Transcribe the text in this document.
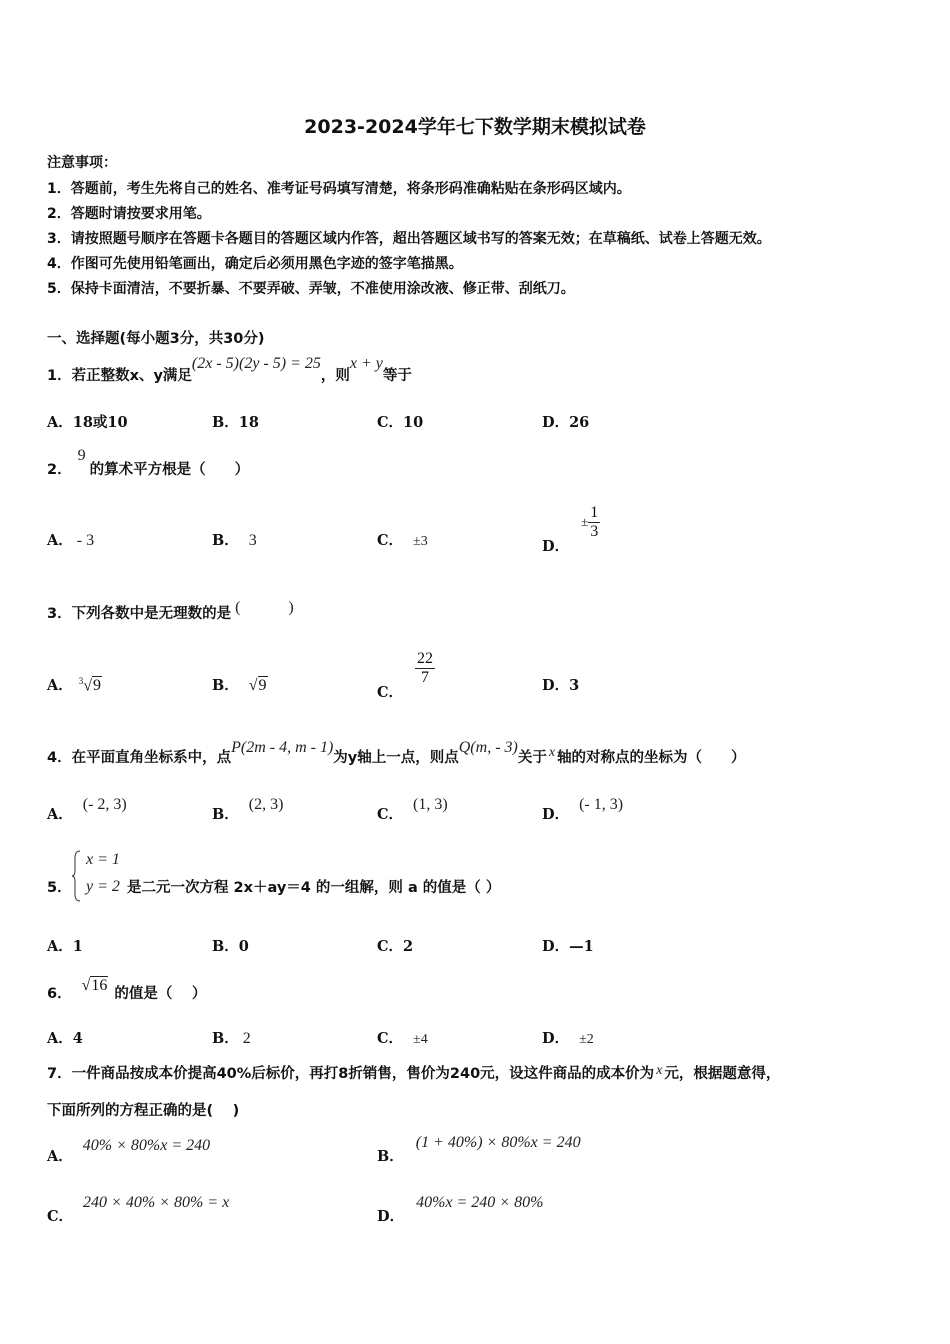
2023-2024学年七下数学期末模拟试卷
注意事项：
1．答题前，考生先将自己的姓名、准考证号码填写清楚，将条形码准确粘贴在条形码区域内。
2．答题时请按要求用笔。
3．请按照题号顺序在答题卡各题目的答题区域内作答，超出答题区域书写的答案无效；在草稿纸、试卷上答题无效。
4．作图可先使用铅笔画出，确定后必须用黑色字迹的签字笔描黑。
5．保持卡面清洁，不要折暴、不要弄破、弄皱，不准使用涂改液、修正带、刮纸刀。
一、选择题(每小题3分，共30分)
1．若正整数x、y满足(2x - 5)(2y - 5) = 25，则x + y等于
A．18或10	B．18	C．10	D．26
2．9的算术平方根是（　　）
A． - 3	B． 3	C． ±3	D．± $\frac{1}{3}$
3．下列各数中是无理数的是 (　　　)
A． $^3$√9	B． √9	C．
$\frac{22}{7}$	D．3
4．在平面直角坐标系中，点P(2m - 4, m - 1)为y轴上一点，则点Q(m, - 3)关于 x 轴的对称点的坐标为（　　）
A．(- 2, 3)
B．(2, 3)
C．(1, 3)
D．(- 1, 3)
5．
x = 1
y = 2 是二元一次方程 2x＋ay＝4 的一组解，则 a 的值是（ ）
A．1	B．0	C．2	D．—1
6． √16 的值是（　 ）
A．4	B． 2	C． ±4	D． ±2
7．一件商品按成本价提高40%后标价，再打8折销售，售价为240元，设这件商品的成本价为 x 元，根据题意得，
下面所列的方程正确的是(　 )
A．40% × 80%x = 240
B．(1 + 40%) × 80%x = 240
C．240 × 40% × 80% = x
D．40%x = 240 × 80%
